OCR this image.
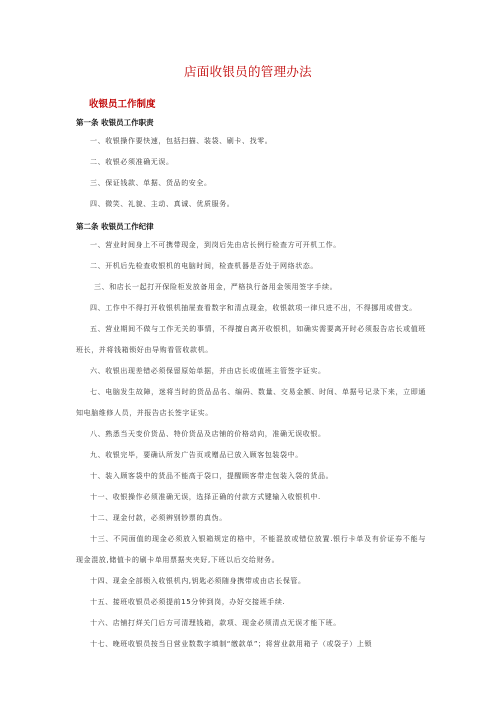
店面收银员的管理办法
收银员工作制度
第一条 收银员工作职责
一、收银操作要快速，包括扫描、装袋、刷卡、找零。
二、收银必须准确无误。
三、保证钱款、单据、货品的安全。
四、微笑、礼貌、主动、真诚、优质服务。
第二条 收银员工作纪律
一、营业时间身上不可携带现金，到岗后先由店长例行检查方可开机工作。
二、开机后先检查收银机的电脑时间，检查机器是否处于网络状态。
三、和店长一起打开保险柜发放备用金，严格执行备用金领用签字手续。
四、工作中不得打开收银机抽屉查看数字和清点现金，收银款项一律只进不出，不得挪用或借支。
五、营业期间不做与工作无关的事情，不得擅自离开收银机，如确实需要离开时必须报告店长或值班班长，并将钱箱锁好由导购看管收款机。
六、收银出现差错必须保留原始单据，并由店长或值班主管签字证实。
七、电脑发生故障，迷将当时的货品品名、编码、数量、交易金额、时间、单据号记录下来，立即通知电脑维修人员，并报告店长签字证实。
八、熟悉当天变价货品、特价货品及店铺的价格动向，准确无误收银。
九、收银完毕，要确认所发广告页或赠品已放入顾客包装袋中。
十、装入顾客袋中的货品不能高于袋口，提醒顾客带走包装入袋的货品。
十一、收银操作必须准确无误，选择正确的付款方式键输入收银机中.
十二、现金付款，必须辨别钞票的真伪。
十三、不同面值的现金必须放入银箱规定的格中，不能混放或错位放置.银行卡单及有价证券不能与现金混放,储值卡的刷卡单用票据夹夹好,下班以后交给财务。
十四、现金全部锁入收银机内,钥匙必须随身携带或由店长保管。
十五、接班收银员必须提前15分钟到岗，办好交接班手续.
十六、店铺打烊关门后方可清理钱箱，款项、现金必须清点无误才能下班。
十七、晚班收银员按当日营业数数字填制“缴款单”；将营业款用箱子（或袋子）上锁
